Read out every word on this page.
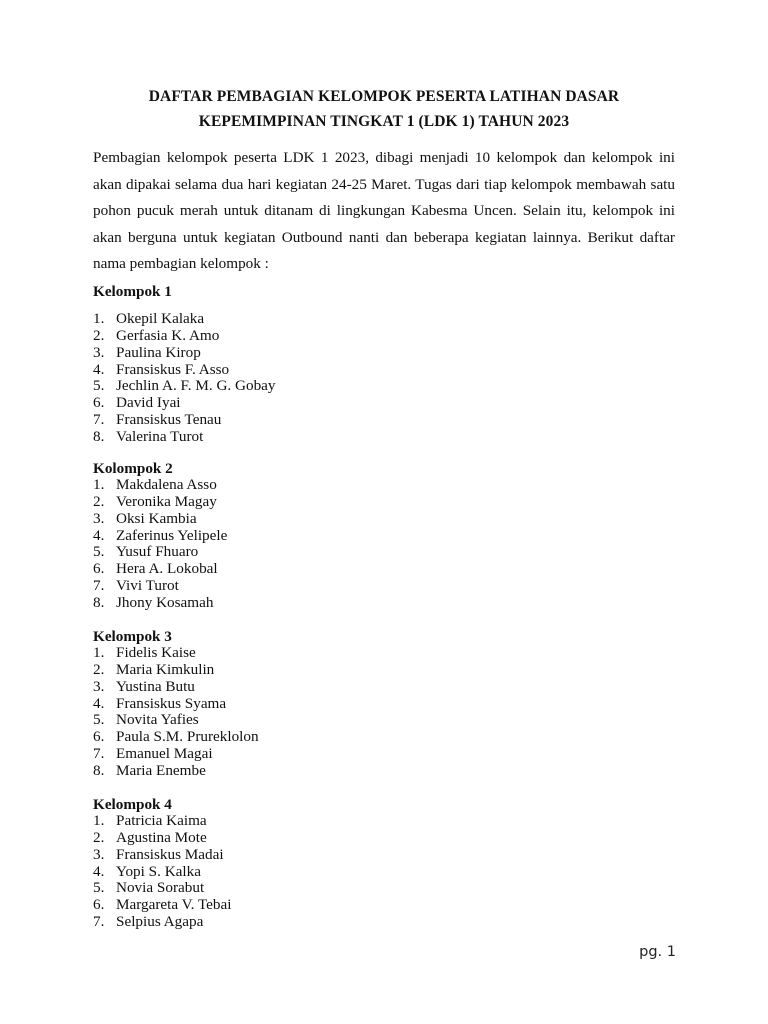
DAFTAR PEMBAGIAN KELOMPOK PESERTA LATIHAN DASAR
KEPEMIMPINAN TINGKAT 1 (LDK 1) TAHUN 2023

Pembagian kelompok peserta LDK 1 2023, dibagi menjadi 10 kelompok dan kelompok ini akan dipakai selama dua hari kegiatan 24-25 Maret. Tugas dari tiap kelompok membawah satu pohon pucuk merah untuk ditanam di lingkungan Kabesma Uncen. Selain itu, kelompok ini akan berguna untuk kegiatan Outbound nanti dan beberapa kegiatan lainnya. Berikut daftar nama pembagian kelompok :

Kelompok 1
1. Okepil Kalaka
2. Gerfasia K. Amo
3. Paulina Kirop
4. Fransiskus F. Asso
5. Jechlin A. F. M. G. Gobay
6. David Iyai
7. Fransiskus Tenau
8. Valerina Turot
Kolompok 2
1. Makdalena Asso
2. Veronika Magay
3. Oksi Kambia
4. Zaferinus Yelipele
5. Yusuf Fhuaro
6. Hera A. Lokobal
7. Vivi Turot
8. Jhony Kosamah
Kelompok 3
1. Fidelis Kaise
2. Maria Kimkulin
3. Yustina Butu
4. Fransiskus Syama
5. Novita Yafies
6. Paula S.M. Prureklolon
7. Emanuel Magai
8. Maria Enembe
Kelompok 4
1. Patricia Kaima
2. Agustina Mote
3. Fransiskus Madai
4. Yopi S. Kalka
5. Novia Sorabut
6. Margareta V. Tebai
7. Selpius Agapa
pg. 1
